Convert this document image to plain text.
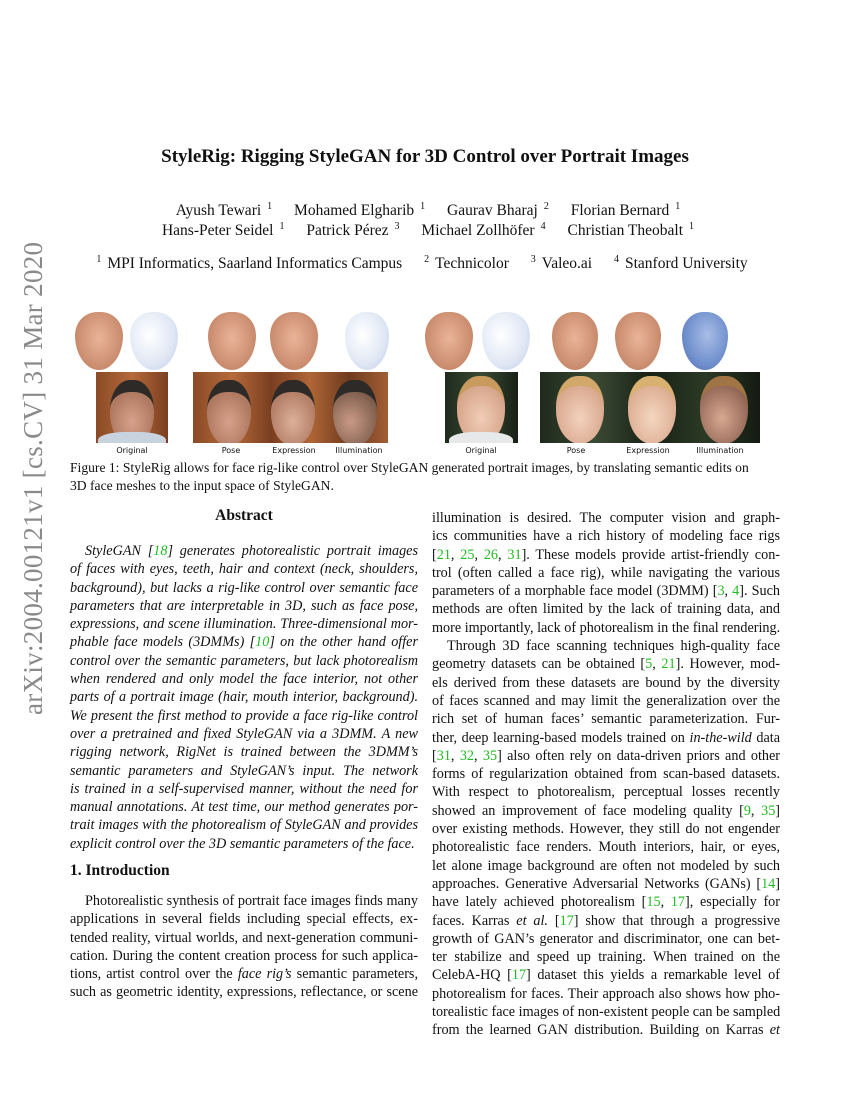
StyleRig: Rigging StyleGAN for 3D Control over Portrait Images
Ayush Tewari $^1$ Mohamed Elgharib $^1$ Gaurav Bharaj $^2$ Florian Bernard $^1$
Hans-Peter Seidel $^1$ Patrick Pérez $^3$ Michael Zollhöfer $^4$ Christian Theobalt $^1$
$^1$ MPI Informatics, Saarland Informatics Campus $^2$ Technicolor $^3$ Valeo.ai $^4$ Stanford University
arXiv:2004.00121v1 [cs.CV] 31 Mar 2020	Original	Pose	Expression	Illumination	Original	Pose	Expression	Illumination
Figure 1: StyleRig allows for face rig-like control over StyleGAN generated portrait images, by translating semantic edits on
3D face meshes to the input space of StyleGAN.
Abstract
StyleGAN [18] generates photorealistic portrait images
of faces with eyes, teeth, hair and context (neck, shoulders,
background), but lacks a rig-like control over semantic face
parameters that are interpretable in 3D, such as face pose,
expressions, and scene illumination. Three-dimensional mor-
phable face models (3DMMs) [10] on the other hand offer
control over the semantic parameters, but lack photorealism
when rendered and only model the face interior, not other
parts of a portrait image (hair, mouth interior, background).
We present the first method to provide a face rig-like control
over a pretrained and fixed StyleGAN via a 3DMM. A new
rigging network, RigNet is trained between the 3DMM’s
semantic parameters and StyleGAN’s input. The network
is trained in a self-supervised manner, without the need for
manual annotations. At test time, our method generates por-
trait images with the photorealism of StyleGAN and provides
explicit control over the 3D semantic parameters of the face.
1. Introduction
Photorealistic synthesis of portrait face images finds many
applications in several fields including special effects, ex-
tended reality, virtual worlds, and next-generation communi-
cation. During the content creation process for such applica-
tions, artist control over the face rig’s semantic parameters,
such as geometric identity, expressions, reflectance, or scene
illumination is desired. The computer vision and graph-
ics communities have a rich history of modeling face rigs
[21, 25, 26, 31]. These models provide artist-friendly con-
trol (often called a face rig), while navigating the various
parameters of a morphable face model (3DMM) [3, 4]. Such
methods are often limited by the lack of training data, and
more importantly, lack of photorealism in the final rendering.
Through 3D face scanning techniques high-quality face
geometry datasets can be obtained [5, 21]. However, mod-
els derived from these datasets are bound by the diversity
of faces scanned and may limit the generalization over the
rich set of human faces’ semantic parameterization. Fur-
ther, deep learning-based models trained on in-the-wild data
[31, 32, 35] also often rely on data-driven priors and other
forms of regularization obtained from scan-based datasets.
With respect to photorealism, perceptual losses recently
showed an improvement of face modeling quality [9, 35]
over existing methods. However, they still do not engender
photorealistic face renders. Mouth interiors, hair, or eyes,
let alone image background are often not modeled by such
approaches. Generative Adversarial Networks (GANs) [14]
have lately achieved photorealism [15, 17], especially for
faces. Karras et al. [17] show that through a progressive
growth of GAN’s generator and discriminator, one can bet-
ter stabilize and speed up training. When trained on the
CelebA-HQ [17] dataset this yields a remarkable level of
photorealism for faces. Their approach also shows how pho-
torealistic face images of non-existent people can be sampled
from the learned GAN distribution. Building on Karras et
